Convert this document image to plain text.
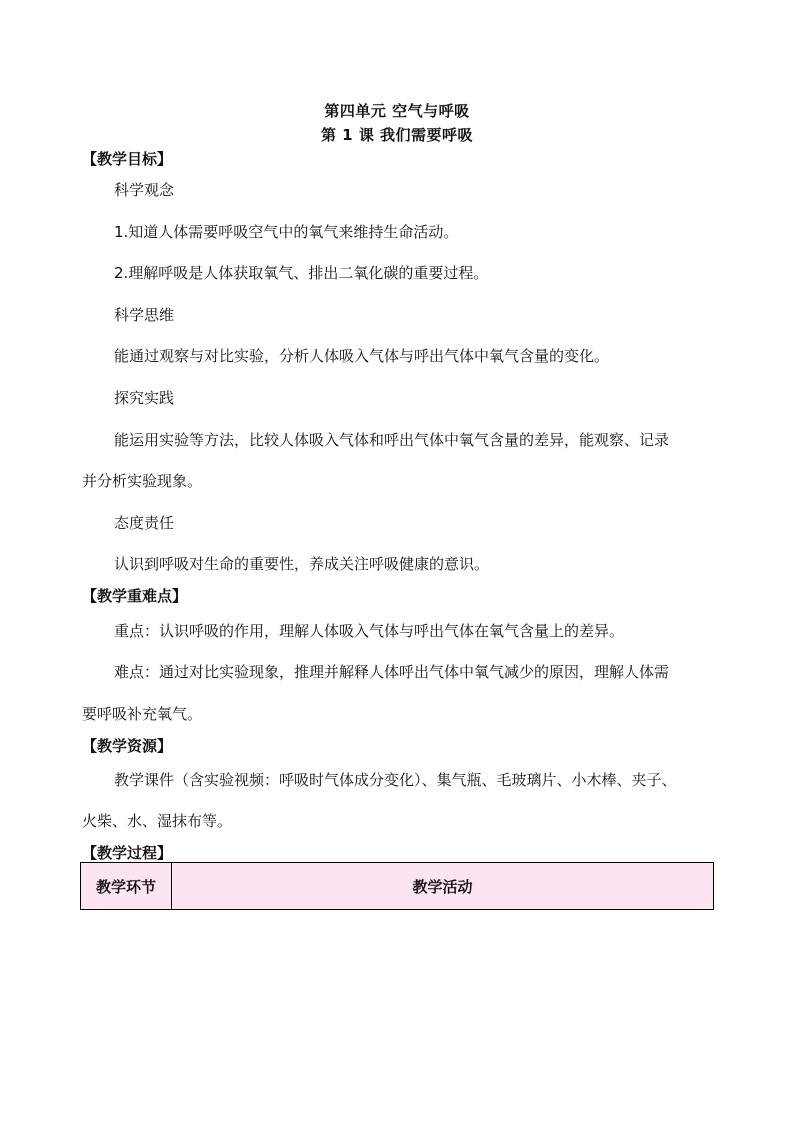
第四单元 空气与呼吸
第 1 课 我们需要呼吸
【教学目标】
科学观念
1.知道人体需要呼吸空气中的氧气来维持生命活动。
2.理解呼吸是人体获取氧气、排出二氧化碳的重要过程。
科学思维
能通过观察与对比实验，分析人体吸入气体与呼出气体中氧气含量的变化。
探究实践
能运用实验等方法，比较人体吸入气体和呼出气体中氧气含量的差异，能观察、记录
并分析实验现象。
态度责任
认识到呼吸对生命的重要性，养成关注呼吸健康的意识。
【教学重难点】
重点：认识呼吸的作用，理解人体吸入气体与呼出气体在氧气含量上的差异。
难点：通过对比实验现象，推理并解释人体呼出气体中氧气减少的原因，理解人体需
要呼吸补充氧气。
【教学资源】
教学课件（含实验视频：呼吸时气体成分变化）、集气瓶、毛玻璃片、小木棒、夹子、
火柴、水、湿抹布等。
【教学过程】
教学环节	教学活动
